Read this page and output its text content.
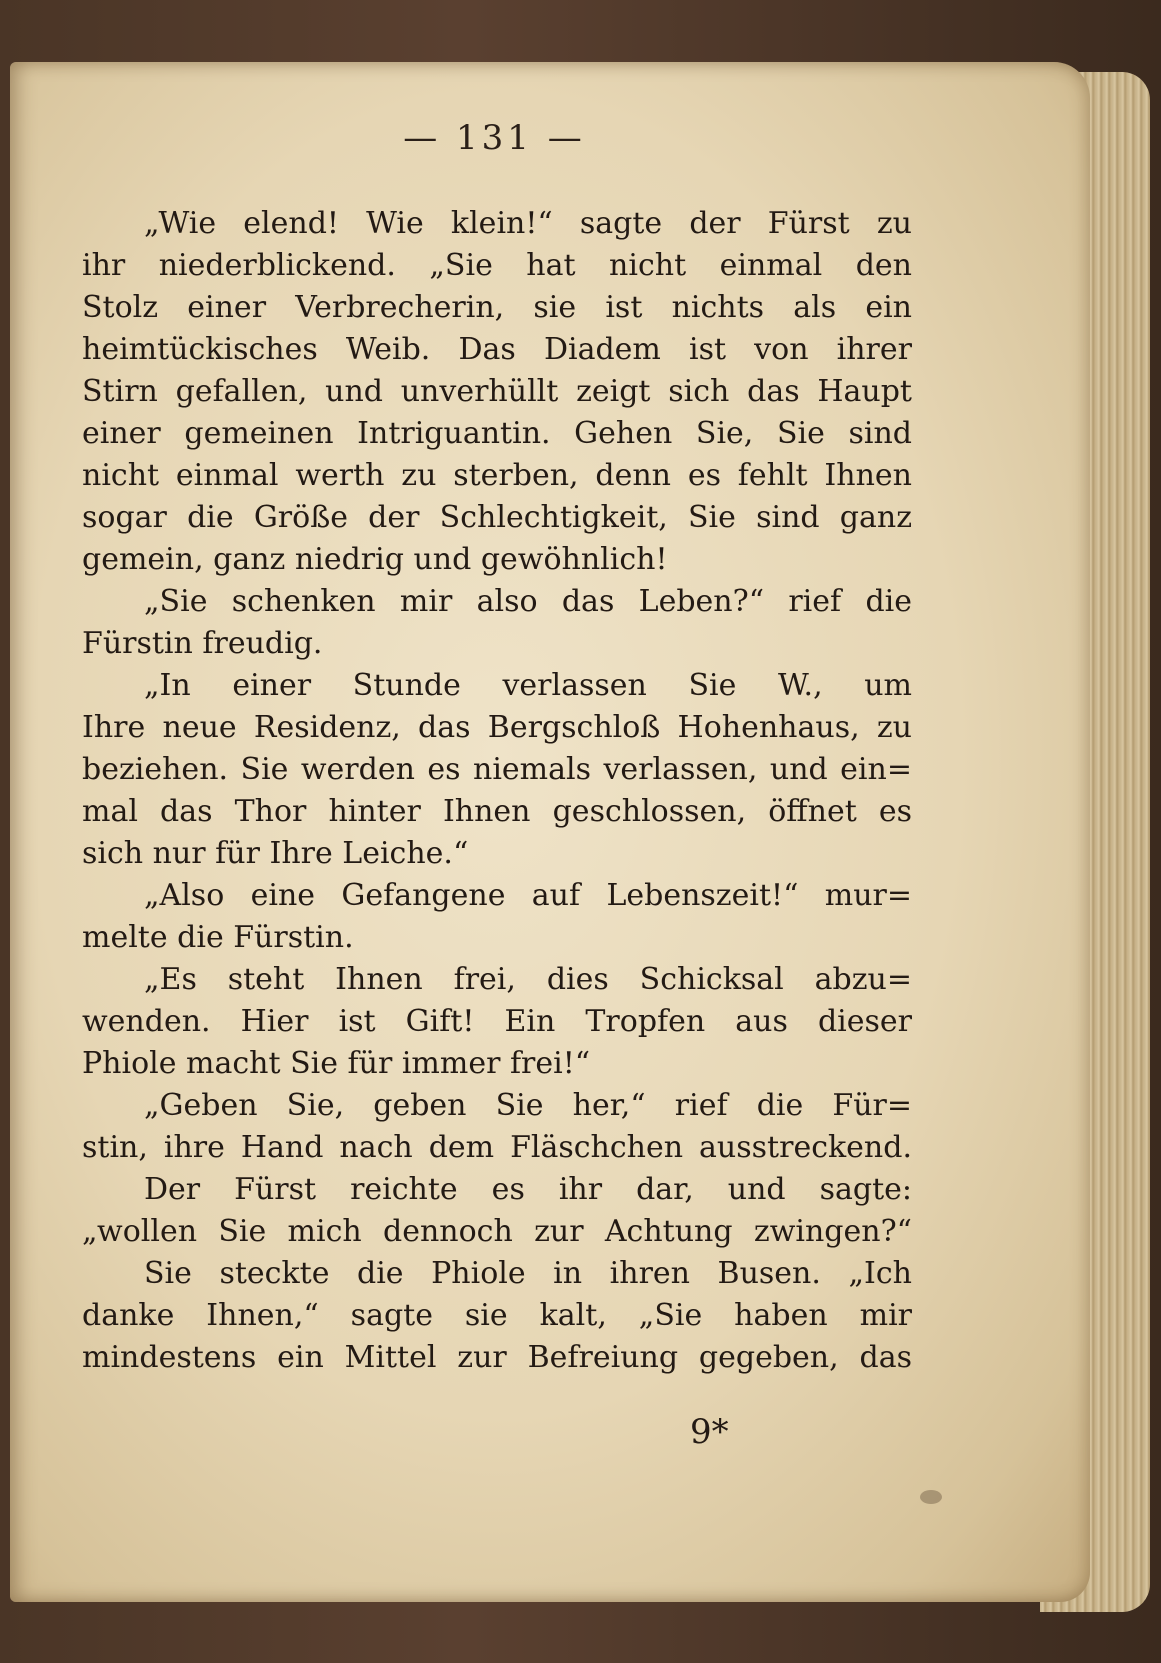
— 131 —
„Wie elend! Wie klein!“ sagte der Fürst zu
ihr niederblickend. „Sie hat nicht einmal den
Stolz einer Verbrecherin, sie ist nichts als ein
heimtückisches Weib. Das Diadem ist von ihrer
Stirn gefallen, und unverhüllt zeigt sich das Haupt
einer gemeinen Intriguantin. Gehen Sie, Sie sind
nicht einmal werth zu sterben, denn es fehlt Ihnen
sogar die Größe der Schlechtigkeit, Sie sind ganz
gemein, ganz niedrig und gewöhnlich!
„Sie schenken mir also das Leben?“ rief die
Fürstin freudig.
„In einer Stunde verlassen Sie W., um
Ihre neue Residenz, das Bergschloß Hohenhaus, zu
beziehen. Sie werden es niemals verlassen, und ein=
mal das Thor hinter Ihnen geschlossen, öffnet es
sich nur für Ihre Leiche.“
„Also eine Gefangene auf Lebenszeit!“ mur=
melte die Fürstin.
„Es steht Ihnen frei, dies Schicksal abzu=
wenden. Hier ist Gift! Ein Tropfen aus dieser
Phiole macht Sie für immer frei!“
„Geben Sie, geben Sie her,“ rief die Für=
stin, ihre Hand nach dem Fläschchen ausstreckend.
Der Fürst reichte es ihr dar, und sagte:
„wollen Sie mich dennoch zur Achtung zwingen?“
Sie steckte die Phiole in ihren Busen. „Ich
danke Ihnen,“ sagte sie kalt, „Sie haben mir
mindestens ein Mittel zur Befreiung gegeben, das
9*
